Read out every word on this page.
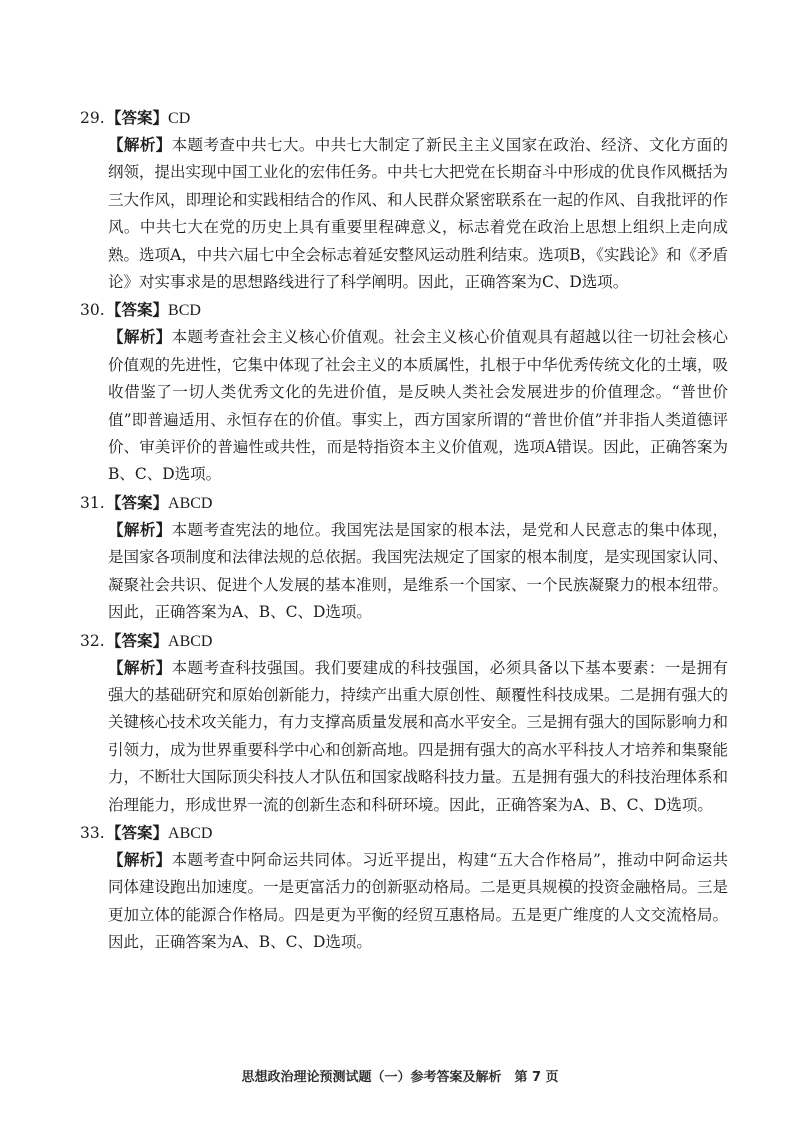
29.【答案】CD
【解析】本题考查中共七大。中共七大制定了新民主主义国家在政治、经济、文化方面的纲领，提出实现中国工业化的宏伟任务。中共七大把党在长期奋斗中形成的优良作风概括为三大作风，即理论和实践相结合的作风、和人民群众紧密联系在一起的作风、自我批评的作风。中共七大在党的历史上具有重要里程碑意义，标志着党在政治上思想上组织上走向成熟。选项A，中共六届七中全会标志着延安整风运动胜利结束。选项B，《实践论》和《矛盾论》对实事求是的思想路线进行了科学阐明。因此，正确答案为C、D选项。
30.【答案】BCD
【解析】本题考查社会主义核心价值观。社会主义核心价值观具有超越以往一切社会核心价值观的先进性，它集中体现了社会主义的本质属性，扎根于中华优秀传统文化的土壤，吸收借鉴了一切人类优秀文化的先进价值，是反映人类社会发展进步的价值理念。“普世价值”即普遍适用、永恒存在的价值。事实上，西方国家所谓的“普世价值”并非指人类道德评价、审美评价的普遍性或共性，而是特指资本主义价值观，选项A错误。因此，正确答案为B、C、D选项。
31.【答案】ABCD
【解析】本题考查宪法的地位。我国宪法是国家的根本法，是党和人民意志的集中体现，是国家各项制度和法律法规的总依据。我国宪法规定了国家的根本制度，是实现国家认同、凝聚社会共识、促进个人发展的基本准则，是维系一个国家、一个民族凝聚力的根本纽带。因此，正确答案为A、B、C、D选项。
32.【答案】ABCD
【解析】本题考查科技强国。我们要建成的科技强国，必须具备以下基本要素：一是拥有强大的基础研究和原始创新能力，持续产出重大原创性、颠覆性科技成果。二是拥有强大的关键核心技术攻关能力，有力支撑高质量发展和高水平安全。三是拥有强大的国际影响力和引领力，成为世界重要科学中心和创新高地。四是拥有强大的高水平科技人才培养和集聚能力，不断壮大国际顶尖科技人才队伍和国家战略科技力量。五是拥有强大的科技治理体系和治理能力，形成世界一流的创新生态和科研环境。因此，正确答案为A、B、C、D选项。
33.【答案】ABCD
【解析】本题考查中阿命运共同体。习近平提出，构建“五大合作格局”，推动中阿命运共同体建设跑出加速度。一是更富活力的创新驱动格局。二是更具规模的投资金融格局。三是更加立体的能源合作格局。四是更为平衡的经贸互惠格局。五是更广维度的人文交流格局。因此，正确答案为A、B、C、D选项。
思想政治理论预测试题（一）参考答案及解析　第 7 页
